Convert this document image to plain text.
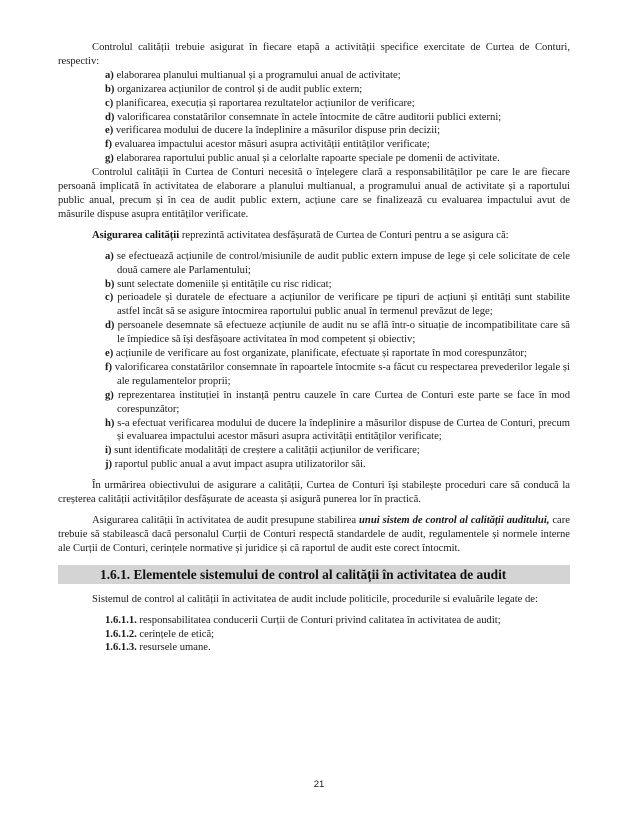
Controlul calității trebuie asigurat în fiecare etapă a activității specifice exercitate de Curtea de Conturi, respectiv:

a) elaborarea planului multianual și a programului anual de activitate;
b) organizarea acțiunilor de control și de audit public extern;
c) planificarea, execuția și raportarea rezultatelor acțiunilor de verificare;
d) valorificarea constatărilor consemnate în actele întocmite de către auditorii publici externi;
e) verificarea modului de ducere la îndeplinire a măsurilor dispuse prin decizii;
f) evaluarea impactului acestor măsuri asupra activității entităților verificate;
g) elaborarea raportului public anual și a celorlalte rapoarte speciale pe domenii de activitate.

Controlul calității în Curtea de Conturi necesită o înțelegere clară a responsabilităților pe care le are fiecare persoană implicată în activitatea de elaborare a planului multianual, a programului anual de activitate și a raportului public anual, precum și în cea de audit public extern, acțiune care se finalizează cu evaluarea impactului avut de măsurile dispuse asupra entităților verificate.

Asigurarea calității reprezintă activitatea desfășurată de Curtea de Conturi pentru a se asigura că:

a) se efectuează acțiunile de control/misiunile de audit public extern impuse de lege și cele solicitate de cele două camere ale Parlamentului;
b) sunt selectate domeniile și entitățile cu risc ridicat;
c) perioadele și duratele de efectuare a acțiunilor de verificare pe tipuri de acțiuni și entități sunt stabilite astfel încât să se asigure întocmirea raportului public anual în termenul prevăzut de lege;
d) persoanele desemnate să efectueze acțiunile de audit nu se află într-o situație de incompatibilitate care să le împiedice să își desfășoare activitatea în mod competent și obiectiv;
e) acțiunile de verificare au fost organizate, planificate, efectuate și raportate în mod corespunzător;
f) valorificarea constatărilor consemnate în rapoartele întocmite s-a făcut cu respectarea prevederilor legale și ale regulamentelor proprii;
g) reprezentarea instituției în instanță pentru cauzele în care Curtea de Conturi este parte se face în mod corespunzător;
h) s-a efectuat verificarea modului de ducere la îndeplinire a măsurilor dispuse de Curtea de Conturi, precum și evaluarea impactului acestor măsuri asupra activității entităților verificate;
i) sunt identificate modalități de creștere a calității acțiunilor de verificare;
j) raportul public anual a avut impact asupra utilizatorilor săi.

În urmărirea obiectivului de asigurare a calității, Curtea de Conturi își stabilește proceduri care să conducă la creșterea calității activităților desfășurate de aceasta și asigură punerea lor în practică.

Asigurarea calității în activitatea de audit presupune stabilirea unui sistem de control al calității auditului, care trebuie să stabilească dacă personalul Curții de Conturi respectă standardele de audit, regulamentele și normele interne ale Curții de Conturi, cerințele normative și juridice și că raportul de audit este corect întocmit.

1.6.1. Elementele sistemului de control al calității în activitatea de audit

Sistemul de control al calității în activitatea de audit include politicile, procedurile si evaluările legate de:

1.6.1.1. responsabilitatea conducerii Curții de Conturi privind calitatea în activitatea de audit;
1.6.1.2. cerințele de etică;
1.6.1.3. resursele umane.
21
